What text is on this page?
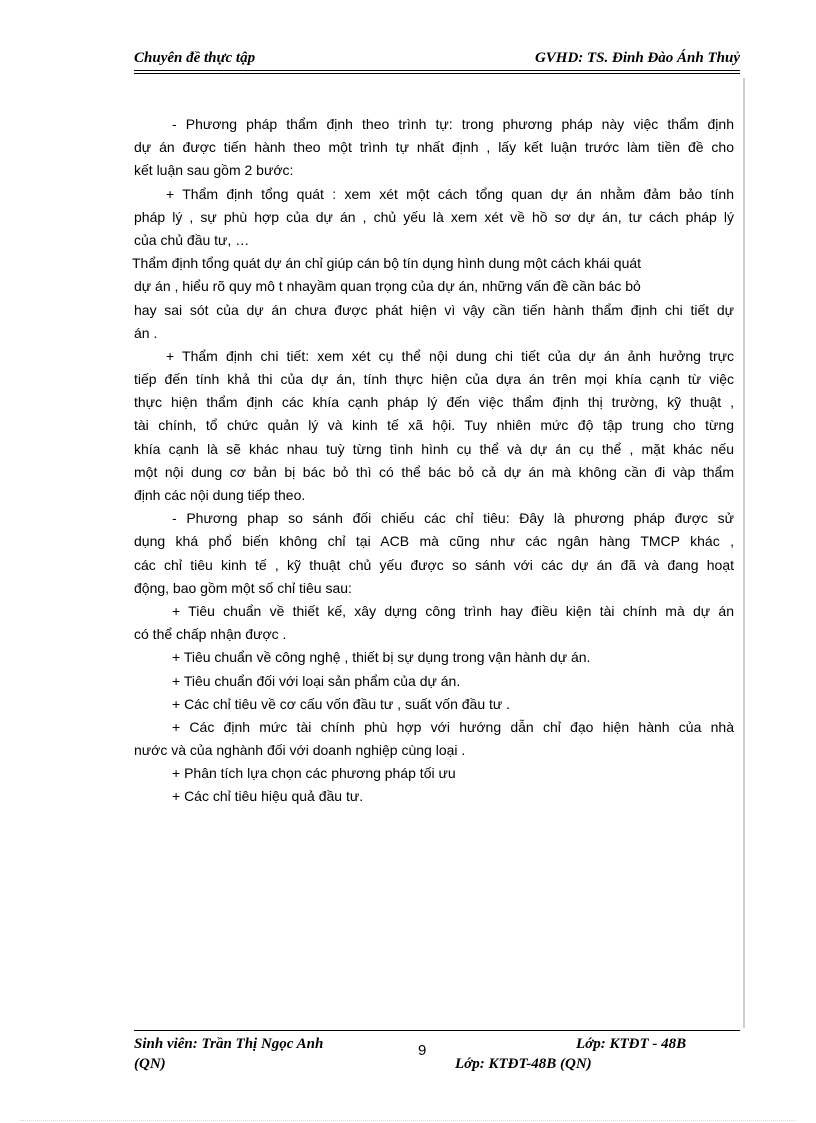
Chuyên đề thực tập	GVHD: TS. Đinh Đào Ánh Thuỷ
- Phương pháp thẩm định theo trình tự: trong phương pháp này việc thẩm định
dự án được tiến hành theo một trình tự nhất định , lấy kết luận trước làm tiền đề cho
kết luận sau gồm 2 bước:
+ Thẩm định tổng quát : xem xét một cách tổng quan dự án nhằm đảm bảo tính
pháp lý , sự phù hợp của dự án , chủ yếu là xem xét về hồ sơ dự án, tư cách pháp lý
của chủ đầu tư, …
Thẩm định tổng quát dự án chỉ giúp cán bộ tín dụng hình dung một cách khái quát
dự án , hiểu rõ quy mô t nhayầm quan trọng của dự án, những vấn đề cần bác bỏ
hay sai sót của dự án chưa được phát hiện vì vậy cần tiến hành thẩm định chi tiết dự
án .
+ Thẩm định chi tiết: xem xét cụ thể nội dung chi tiết của dự án ảnh hưởng trực
tiếp đến tính khả thi của dự án, tính thực hiện của dựa án trên mọi khía cạnh từ việc
thực hiện thẩm định các khía cạnh pháp lý đến việc thẩm định thị trường, kỹ thuật ,
tài chính, tổ chức quản lý và kinh tế xã hội. Tuy nhiên mức độ tập trung cho từng
khía cạnh là sẽ khác nhau tuỳ từng tình hình cụ thể và dự án cụ thể , mặt khác nếu
một nội dung cơ bản bị bác bỏ thì có thể bác bỏ cả dự án mà không cần đi vàp thẩm
định các nội dung tiếp theo.
- Phương phap so sánh đối chiếu các chỉ tiêu: Đây là phương pháp được sử
dụng khá phổ biến không chỉ tại ACB mà cũng như các ngân hàng TMCP khác ,
các chỉ tiêu kinh tế , kỹ thuật chủ yếu được so sánh với các dự án đã và đang hoạt
động, bao gồm một số chỉ tiêu sau:
+ Tiêu chuẩn về thiết kế, xây dựng công trình hay điều kiện tài chính mà dự án
có thể chấp nhận được .
+ Tiêu chuẩn về công nghệ , thiết bị sự dụng trong vận hành dự án.
+ Tiêu chuẩn đối với loại sản phẩm của dự án.
+ Các chỉ tiêu về cơ cấu vốn đầu tư , suất vốn đầu tư .
+ Các định mức tài chính phù hợp với hướng dẫn chỉ đạo hiện hành của nhà
nước và của nghành đối với doanh nghiệp cùng loại .
+ Phân tích lựa chọn các phương pháp tối ưu
+ Các chỉ tiêu hiệu quả đầu tư.
Sinh viên: Trần Thị Ngọc Anh
(QN)
9	Lớp: KTĐT - 48B
Lớp: KTĐT-48B (QN)
